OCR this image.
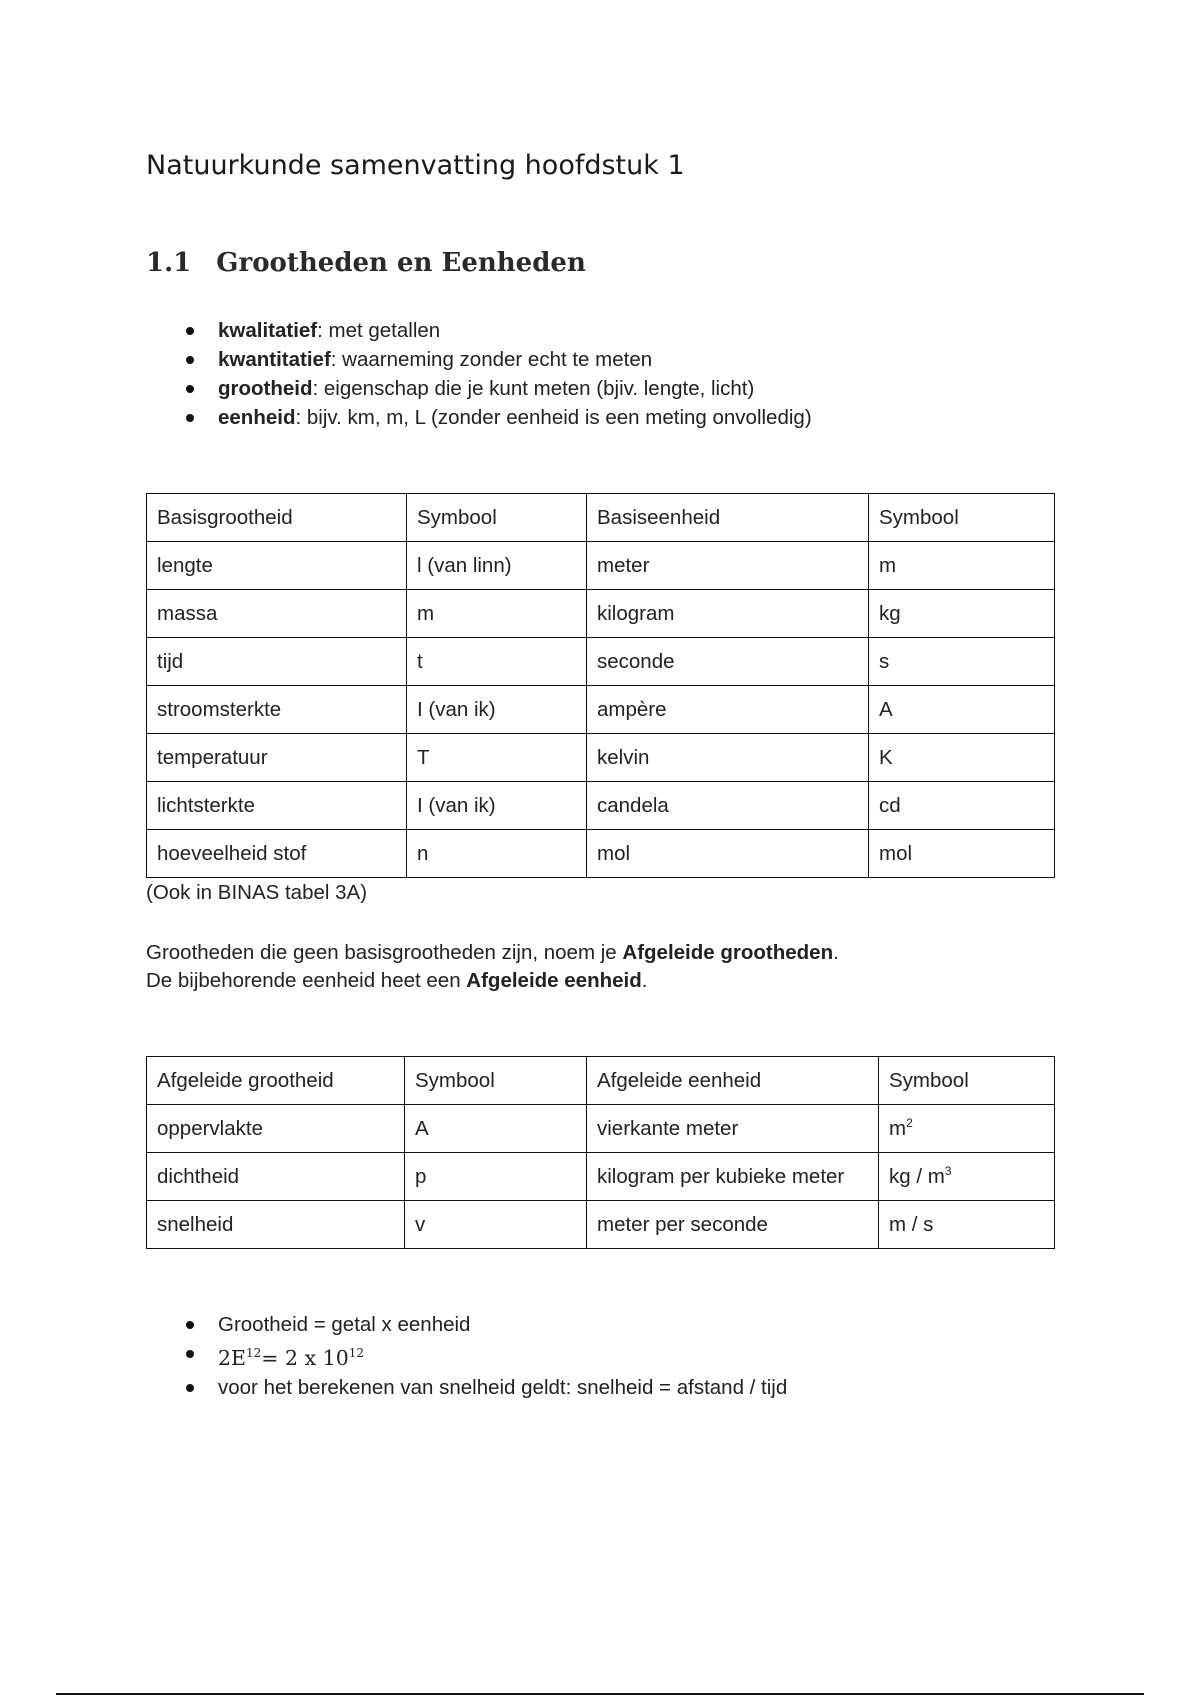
Natuurkunde samenvatting hoofdstuk 1
1.1 Grootheden en Eenheden
kwalitatief: met getallen
kwantitatief: waarneming zonder echt te meten
grootheid: eigenschap die je kunt meten (bjiv. lengte, licht)
eenheid: bijv. km, m, L (zonder eenheid is een meting onvolledig)
Basisgrootheid	Symbool	Basiseenheid	Symbool
lengte	l (van linn)	meter	m
massa	m	kilogram	kg
tijd	t	seconde	s
stroomsterkte	I (van ik)	ampère	A
temperatuur	T	kelvin	K
lichtsterkte	I (van ik)	candela	cd
hoeveelheid stof	n	mol	mol
(Ook in BINAS tabel 3A)
Grootheden die geen basisgrootheden zijn, noem je Afgeleide grootheden.
De bijbehorende eenheid heet een Afgeleide eenheid.
Afgeleide grootheid	Symbool	Afgeleide eenheid	Symbool
oppervlakte	A	vierkante meter	$m^2$
dichtheid	p	kilogram per kubieke meter	kg / $m^3$
snelheid	v	meter per seconde	m / s
Grootheid = getal x eenheid
$2E^{12}= 2$ x $10^{12}$
voor het berekenen van snelheid geldt: snelheid = afstand / tijd
